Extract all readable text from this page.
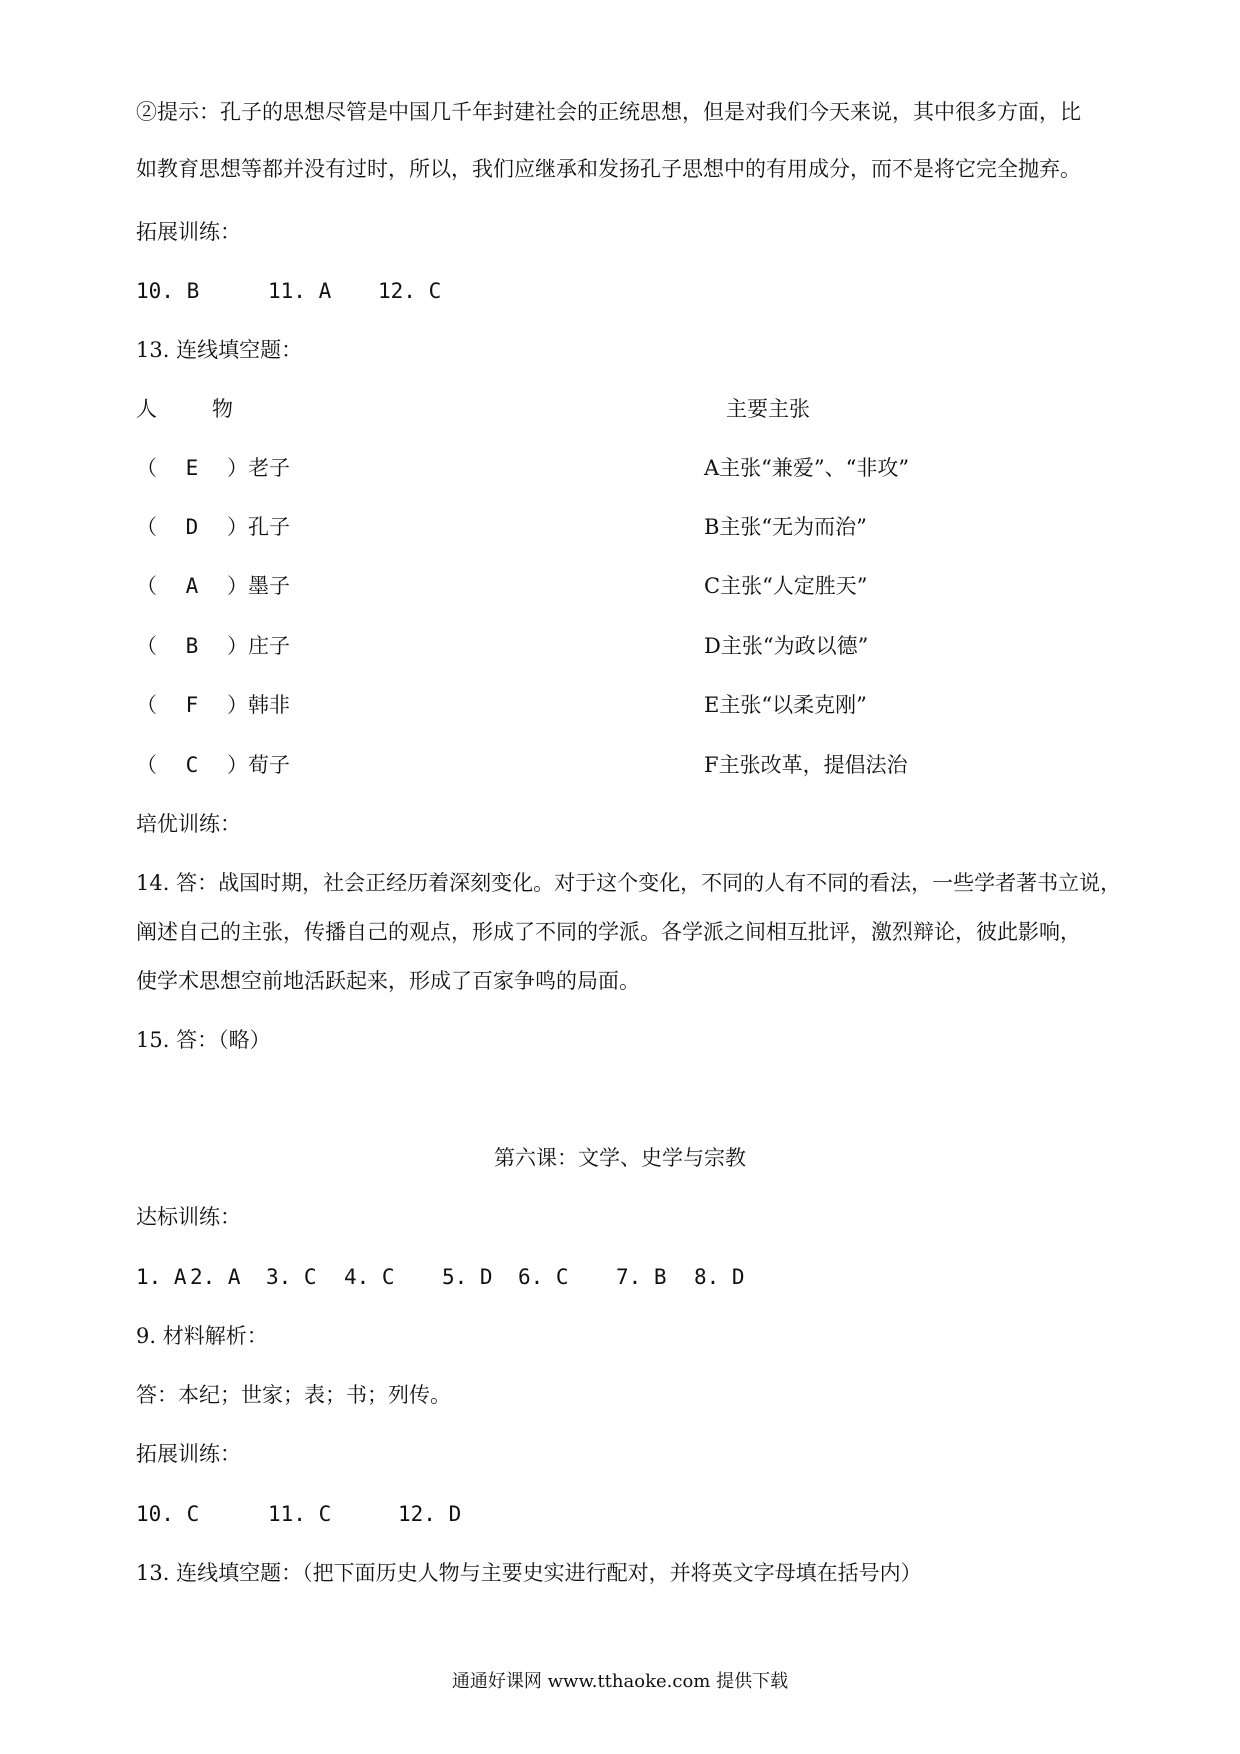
②提示：孔子的思想尽管是中国几千年封建社会的正统思想，但是对我们今天来说，其中很多方面，比
如教育思想等都并没有过时，所以，我们应继承和发扬孔子思想中的有用成分，而不是将它完全抛弃。
拓展训练：
10. B	11. A 12. C
13. 连线填空题：
人	物	主要主张
（ E ）老子	A主张“兼爱”、“非攻”
（ D ）孔子	B主张“无为而治”
（ A ）墨子	C主张“人定胜天”
（ B ）庄子	D主张“为政以德”
（ F ）韩非	E主张“以柔克刚”
（ C ）荀子	F主张改革，提倡法治
培优训练：
14. 答：战国时期，社会正经历着深刻变化。对于这个变化，不同的人有不同的看法，一些学者著书立说，
阐述自己的主张，传播自己的观点，形成了不同的学派。各学派之间相互批评，激烈辩论，彼此影响，
使学术思想空前地活跃起来，形成了百家争鸣的局面。
15. 答：（略）
第六课：文学、史学与宗教
达标训练：
1. A 2. A 3. C 4. C 5. D 6. C 7. B 8. D
9. 材料解析：
答：本纪；世家；表；书；列传。
拓展训练：
10. C	11. C	12. D
13. 连线填空题：（把下面历史人物与主要史实进行配对，并将英文字母填在括号内）
通通好课网 www.tthaoke.com 提供下载
